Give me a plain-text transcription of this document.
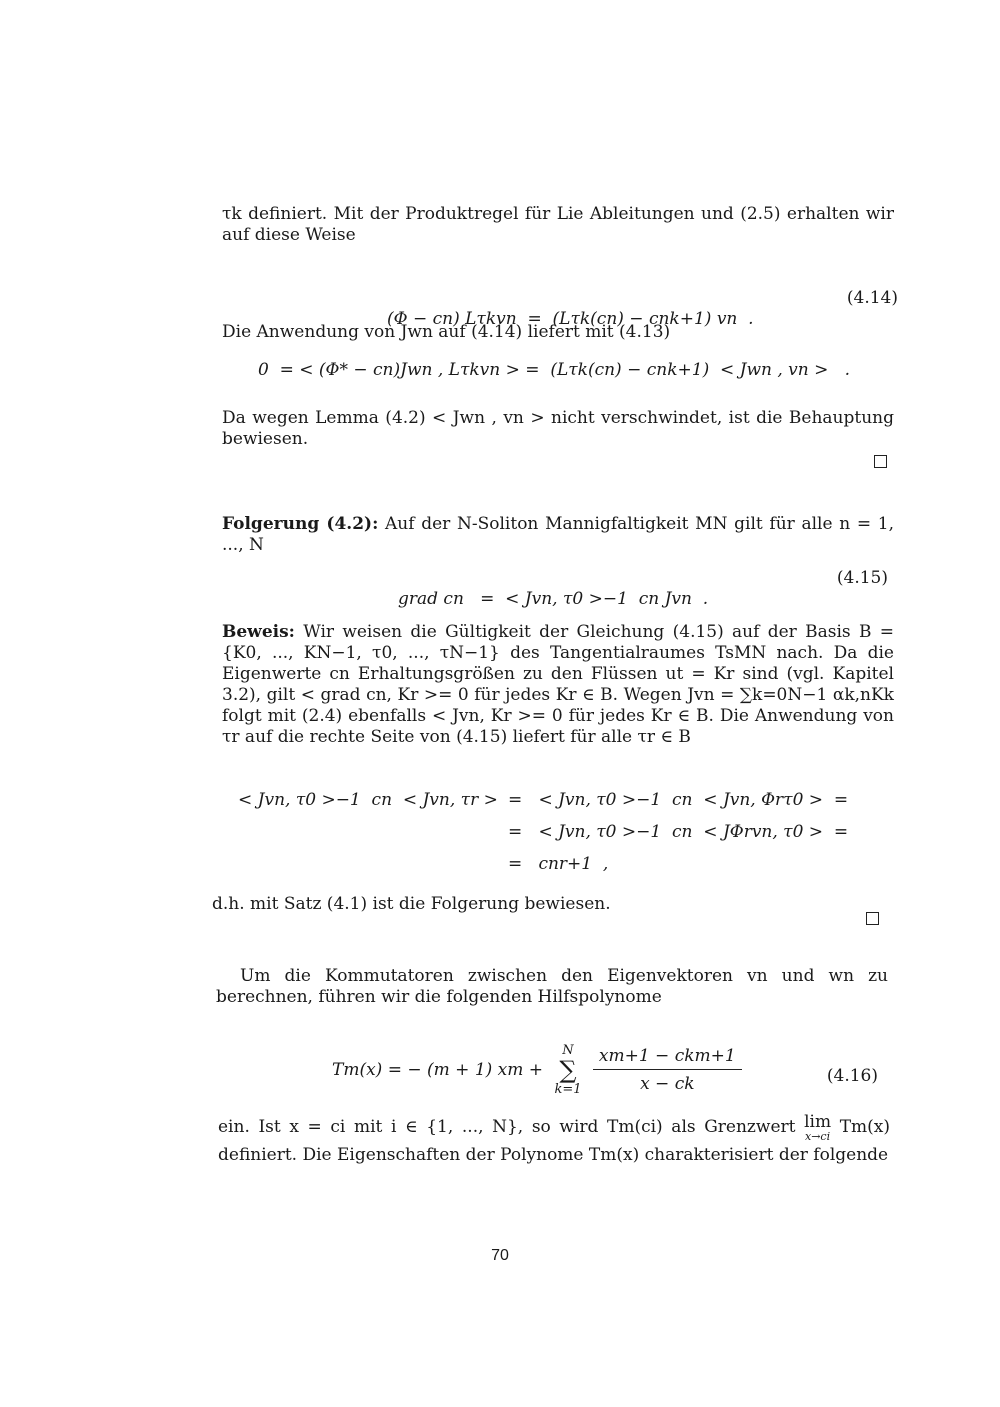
τk definiert. Mit der Produktregel für Lie Ableitungen und (2.5) erhalten wir auf diese Weise

(Φ − cn) Lτkvn  =  (Lτk(cn) − cnk+1) vn  .

(4.14)

Die Anwendung von Jwn auf (4.14) liefert mit (4.13)

0  = < (Φ* − cn)Jwn , Lτkvn > =  (Lτk(cn) − cnk+1)  < Jwn , vn >   .

Da wegen Lemma (4.2) < Jwn , vn > nicht verschwindet, ist die Behauptung bewiesen.

Folgerung (4.2): Auf der N-Soliton Mannigfaltigkeit MN gilt für alle n = 1, ..., N

grad cn   =  < Jvn, τ0 >−1  cn Jvn  .

(4.15)

Beweis: Wir weisen die Gültigkeit der Gleichung (4.15) auf der Basis B = {K0, ..., KN−1, τ0, ..., τN−1} des Tangentialraumes TsMN nach. Da die Eigenwerte cn Erhaltungsgrößen zu den Flüssen ut = Kr sind (vgl. Kapitel 3.2), gilt < grad cn, Kr >= 0 für jedes Kr ∈ B. Wegen Jvn = ∑k=0N−1 αk,nKk folgt mit (2.4) ebenfalls < Jvn, Kr >= 0 für jedes Kr ∈ B. Die Anwendung von τr auf die rechte Seite von (4.15) liefert für alle τr ∈ B

< Jvn, τ0 >−1  cn  < Jvn, τr >

=   < Jvn, τ0 >−1  cn  < Jvn, Φrτ0 >  =

=   < Jvn, τ0 >−1  cn  < JΦrvn, τ0 >  =

=   cnr+1  ,

d.h. mit Satz (4.1) ist die Folgerung bewiesen.

Um die Kommutatoren zwischen den Eigenvektoren vn und wn zu berechnen, führen wir die folgenden Hilfspolynome

Tm(x) = − (m + 1) xm + N
∑
$k=1 \frac{\text{xm+1 − ckm+1}}{x - ck}$	(4.16)

ein. Ist x = ci mit i ∈ {1, ..., N}, so wird Tm(ci) als Grenzwert lim
x→ci Tm(x) definiert. Die Eigenschaften der Polynome Tm(x) charakterisiert der folgende

70
